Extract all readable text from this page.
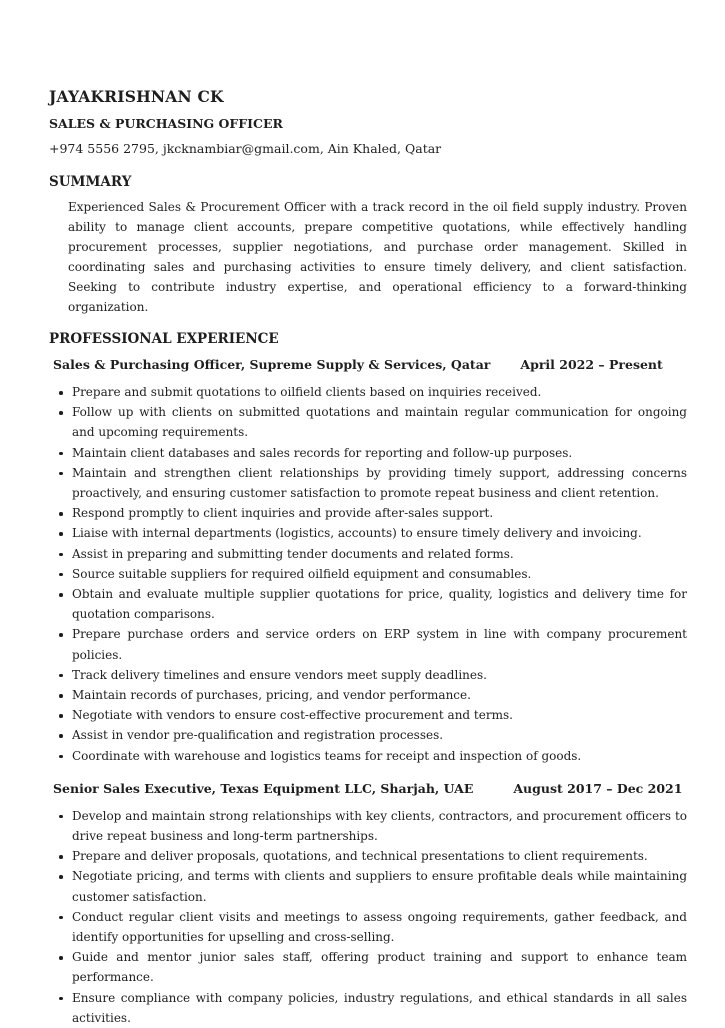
JAYAKRISHNAN CK
SALES & PURCHASING OFFICER
+974 5556 2795, jkcknambiar@gmail.com, Ain Khaled, Qatar
SUMMARY

Experienced Sales & Procurement Officer with a track record in the oil field supply industry. Proven ability to manage client accounts, prepare competitive quotations, while effectively handling procurement processes, supplier negotiations, and purchase order management. Skilled in coordinating sales and purchasing activities to ensure timely delivery, and client satisfaction. Seeking to contribute industry expertise, and operational efficiency to a forward-thinking organization.

PROFESSIONAL EXPERIENCE
Sales & Purchasing Officer, Supreme Supply & Services, Qatar April 2022 – Present
Prepare and submit quotations to oilfield clients based on inquiries received.
Follow up with clients on submitted quotations and maintain regular communication for ongoing and upcoming requirements.
Maintain client databases and sales records for reporting and follow-up purposes.
Maintain and strengthen client relationships by providing timely support, addressing concerns proactively, and ensuring customer satisfaction to promote repeat business and client retention.
Respond promptly to client inquiries and provide after-sales support.
Liaise with internal departments (logistics, accounts) to ensure timely delivery and invoicing.
Assist in preparing and submitting tender documents and related forms.
Source suitable suppliers for required oilfield equipment and consumables.
Obtain and evaluate multiple supplier quotations for price, quality, logistics and delivery time for quotation comparisons.
Prepare purchase orders and service orders on ERP system in line with company procurement policies.
Track delivery timelines and ensure vendors meet supply deadlines.
Maintain records of purchases, pricing, and vendor performance.
Negotiate with vendors to ensure cost-effective procurement and terms.
Assist in vendor pre-qualification and registration processes.
Coordinate with warehouse and logistics teams for receipt and inspection of goods.
Senior Sales Executive, Texas Equipment LLC, Sharjah, UAE	August 2017 – Dec 2021
Develop and maintain strong relationships with key clients, contractors, and procurement officers to drive repeat business and long-term partnerships.
Prepare and deliver proposals, quotations, and technical presentations to client requirements.
Negotiate pricing, and terms with clients and suppliers to ensure profitable deals while maintaining customer satisfaction.
Conduct regular client visits and meetings to assess ongoing requirements, gather feedback, and identify opportunities for upselling and cross-selling.
Guide and mentor junior sales staff, offering product training and support to enhance team performance.
Ensure compliance with company policies, industry regulations, and ethical standards in all sales activities.
